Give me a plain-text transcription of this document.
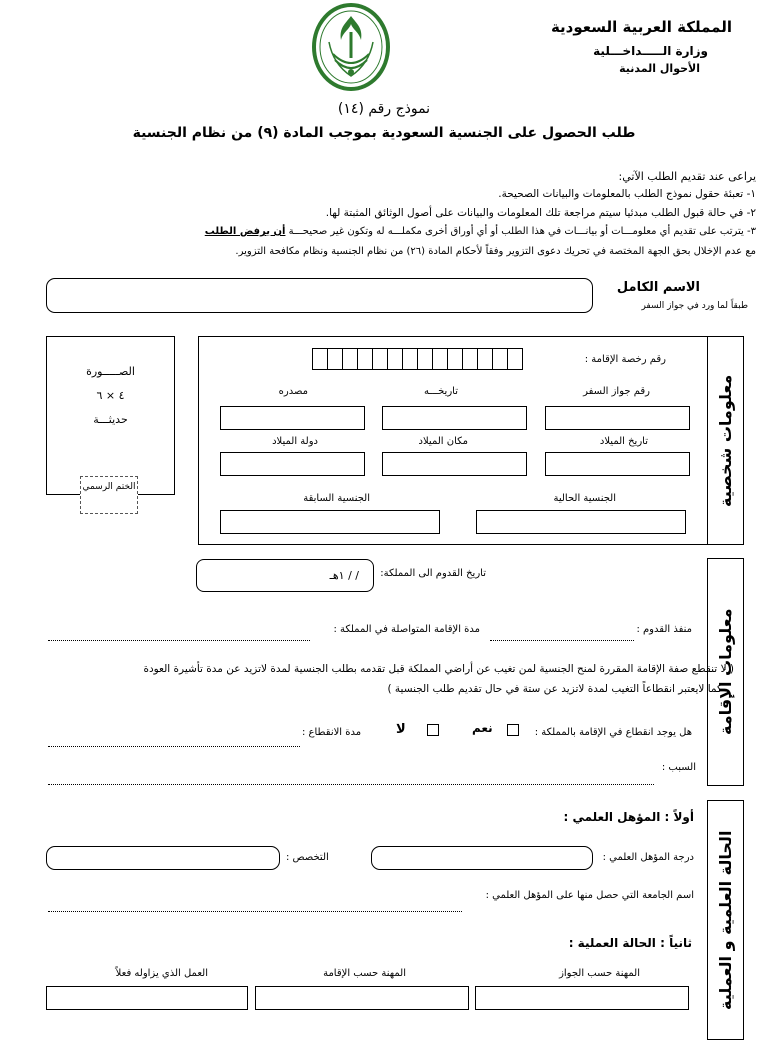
المملكة العربية السعودية
وزارة الـــــداخـــلية
الأحوال المدنية
نموذج رقم (١٤)
طلب الحصول على الجنسية السعودية بموجب المادة (٩) من نظام الجنسية
يراعى عند تقديم الطلب الآتي:
١- تعبئة حقول نموذج الطلب بالمعلومات والبيانات الصحيحة.
٢- في حالة قبول الطلب مبدئيا سيتم مراجعة تلك المعلومات والبيانات على أصول الوثائق المثبتة لها.
٣- يترتب على تقديم أي معلومـــات أو بيانـــات في هذا الطلب أو أي أوراق أخرى مكملـــه له وتكون غير صحيحـــة أن يرفض الطلب
مع عدم الإخلال بحق الجهة المختصة في تحريك دعوى التزوير وفقاً لأحكام المادة (٢٦) من نظام الجنسية ونظام مكافحة التزوير.
الاسم الكامل
طبقاً لما ورد في جواز السفر
الصـــــورة
٤ × ٦
حديثـــة
الختم الرسمي	معلومات شخصية
رقم رخصة الإقامة :
رقم جواز السفر
تاريخـــه
مصدره
تاريخ الميلاد
مكان الميلاد
دولة الميلاد
الجنسية الحالية
الجنسية السابقة
معلومات الإقامة
تاريخ القدوم الى المملكة:
/ / ١هـ
منفذ القدوم :
مدة الإقامة المتواصلة في المملكة :
( لا تنقطع صفة الإقامة المقررة لمنح الجنسية لمن تغيب عن أراضي المملكة قبل تقدمه بطلب الجنسية لمدة لاتزيد عن مدة تأشيرة العودة
كما لايعتبر انقطاعاً التغيب لمدة لاتزيد عن ستة في حال تقديم طلب الجنسية )
هل يوجد انقطاع في الإقامة بالمملكة :
نعم
لا
مدة الانقطاع :
السبب :
الحالة العلمية و العملية
أولاً : المؤهل العلمي :
درجة المؤهل العلمي :
التخصص :
اسم الجامعة التي حصل منها على المؤهل العلمي :
ثانياً : الحالة العملية :
المهنة حسب الجواز
المهنة حسب الإقامة
العمل الذي يزاوله فعلاً
